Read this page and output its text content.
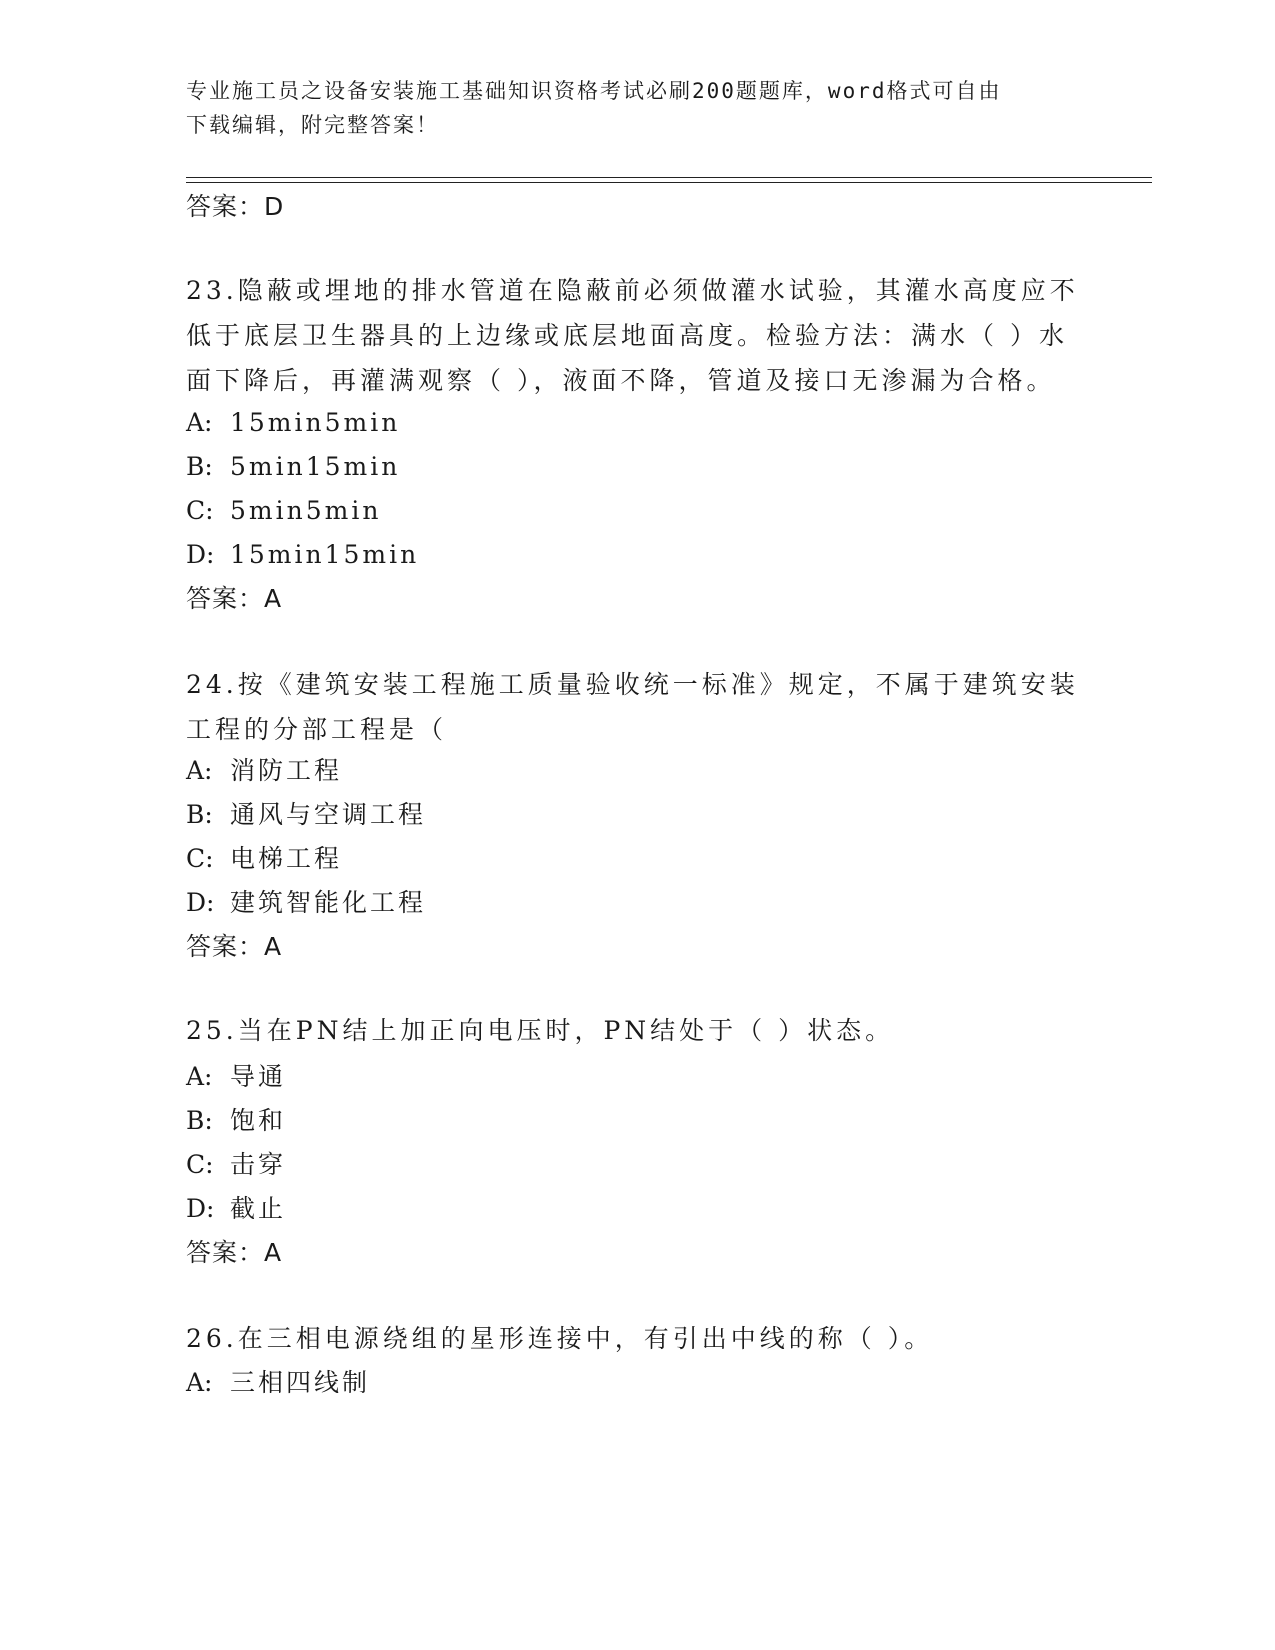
专业施工员之设备安装施工基础知识资格考试必刷200题题库，word格式可自由
下载编辑，附完整答案！
答案：D
23.隐蔽或埋地的排水管道在隐蔽前必须做灌水试验，其灌水高度应不
低于底层卫生器具的上边缘或底层地面高度。检验方法：满水（ ）水
面下降后，再灌满观察（ ），液面不降，管道及接口无渗漏为合格。
A: 15min5min
B: 5min15min
C: 5min5min
D: 15min15min
答案：A
24.按《建筑安装工程施工质量验收统一标准》规定，不属于建筑安装
工程的分部工程是（
A: 消防工程
B: 通风与空调工程
C: 电梯工程
D: 建筑智能化工程
答案：A
25.当在PN结上加正向电压时，PN结处于（ ）状态。
A: 导通
B: 饱和
C: 击穿
D: 截止
答案：A
26.在三相电源绕组的星形连接中，有引出中线的称（ ）。
A: 三相四线制
